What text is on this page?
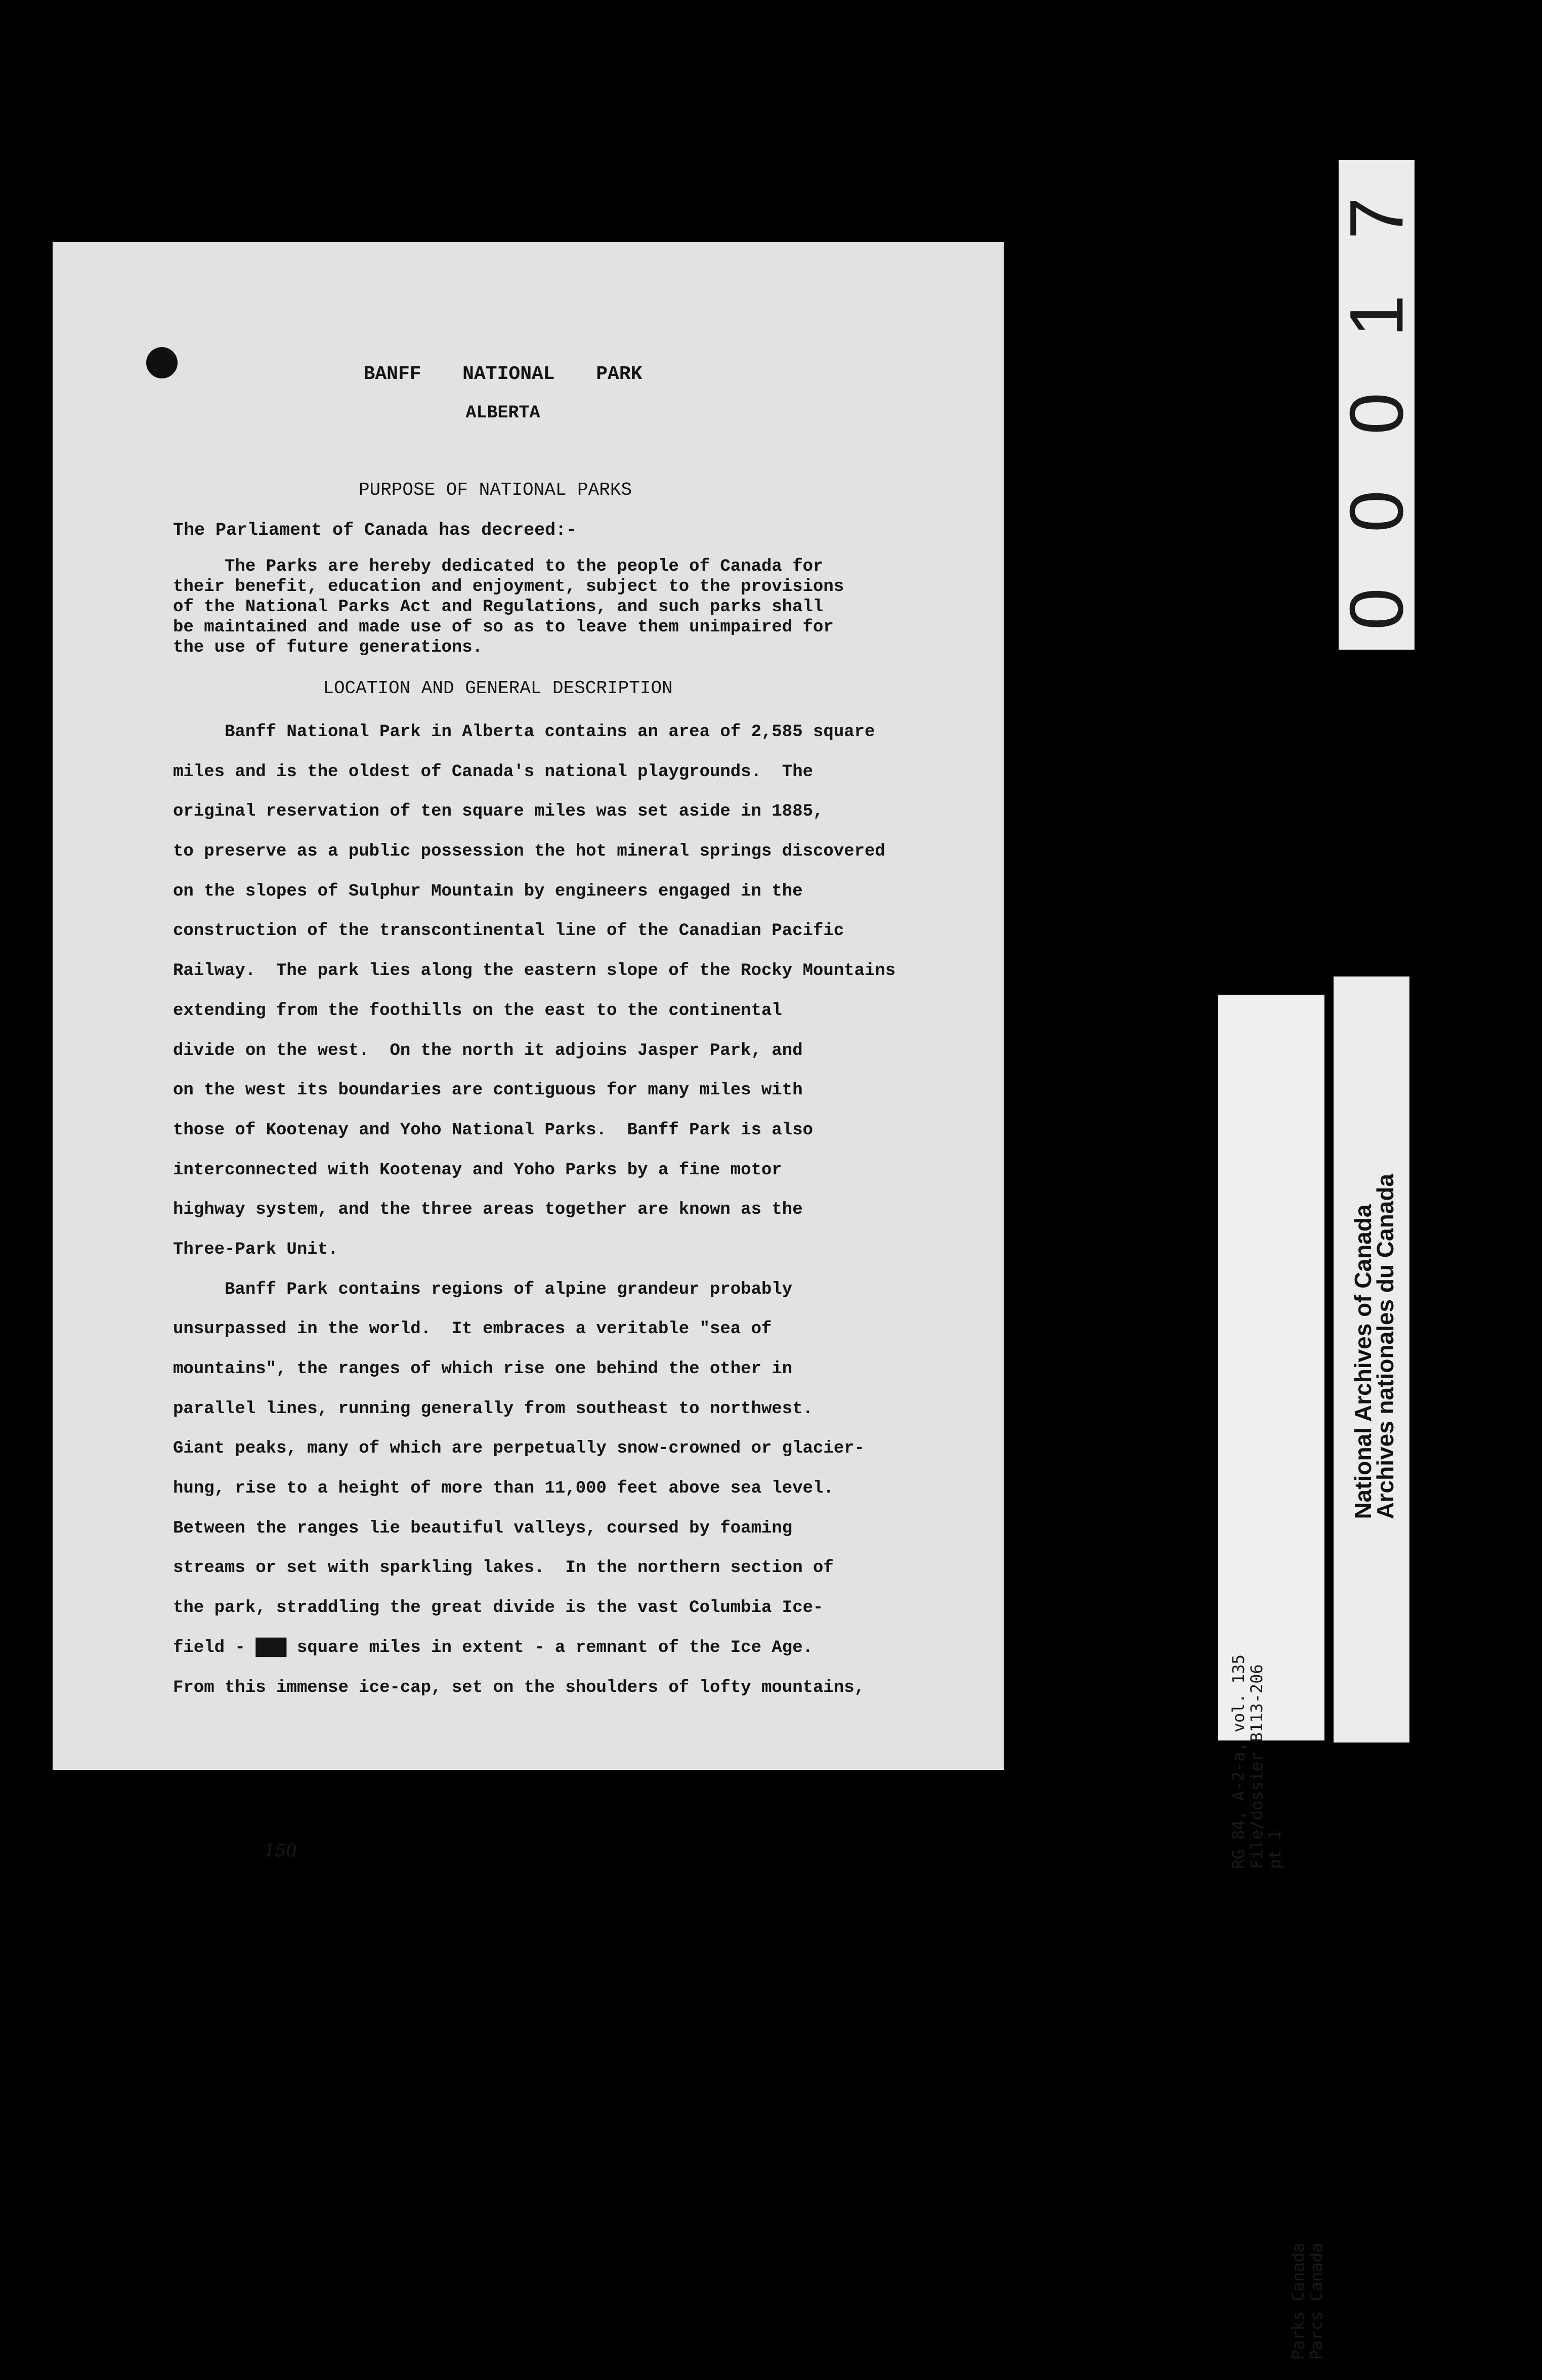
BANFF  NATIONAL  PARK
ALBERTA
PURPOSE OF NATIONAL PARKS
The Parliament of Canada has decreed:-
The Parks are hereby dedicated to the people of Canada for
their benefit, education and enjoyment, subject to the provisions
of the National Parks Act and Regulations, and such parks shall
be maintained and made use of so as to leave them unimpaired for
the use of future generations.
LOCATION AND GENERAL DESCRIPTION
Banff National Park in Alberta contains an area of 2,585 square
miles and is the oldest of Canada's national playgrounds.  The
original reservation of ten square miles was set aside in 1885,
to preserve as a public possession the hot mineral springs discovered
on the slopes of Sulphur Mountain by engineers engaged in the
construction of the transcontinental line of the Canadian Pacific
Railway.  The park lies along the eastern slope of the Rocky Mountains
extending from the foothills on the east to the continental
divide on the west.  On the north it adjoins Jasper Park, and
on the west its boundaries are contiguous for many miles with
those of Kootenay and Yoho National Parks.  Banff Park is also
interconnected with Kootenay and Yoho Parks by a fine motor
highway system, and the three areas together are known as the
Three-Park Unit.
Banff Park contains regions of alpine grandeur probably
unsurpassed in the world.  It embraces a veritable "sea of
mountains", the ranges of which rise one behind the other in
parallel lines, running generally from southeast to northwest.
Giant peaks, many of which are perpetually snow-crowned or glacier-
hung, rise to a height of more than 11,000 feet above sea level.
Between the ranges lie beautiful valleys, coursed by foaming
streams or set with sparkling lakes.  In the northern section of
the park, straddling the great divide is the vast Columbia Ice-
field - ███ square miles in extent - a remnant of the Ice Age.
From this immense ice-cap, set on the shoulders of lofty mountains,
150
0 0 0 1 7
RG 84, A-2-a, vol. 135
File/dossier B113-206
pt 1
Parks Canada
Parcs Canada
National Archives of Canada
Archives nationales du Canada
